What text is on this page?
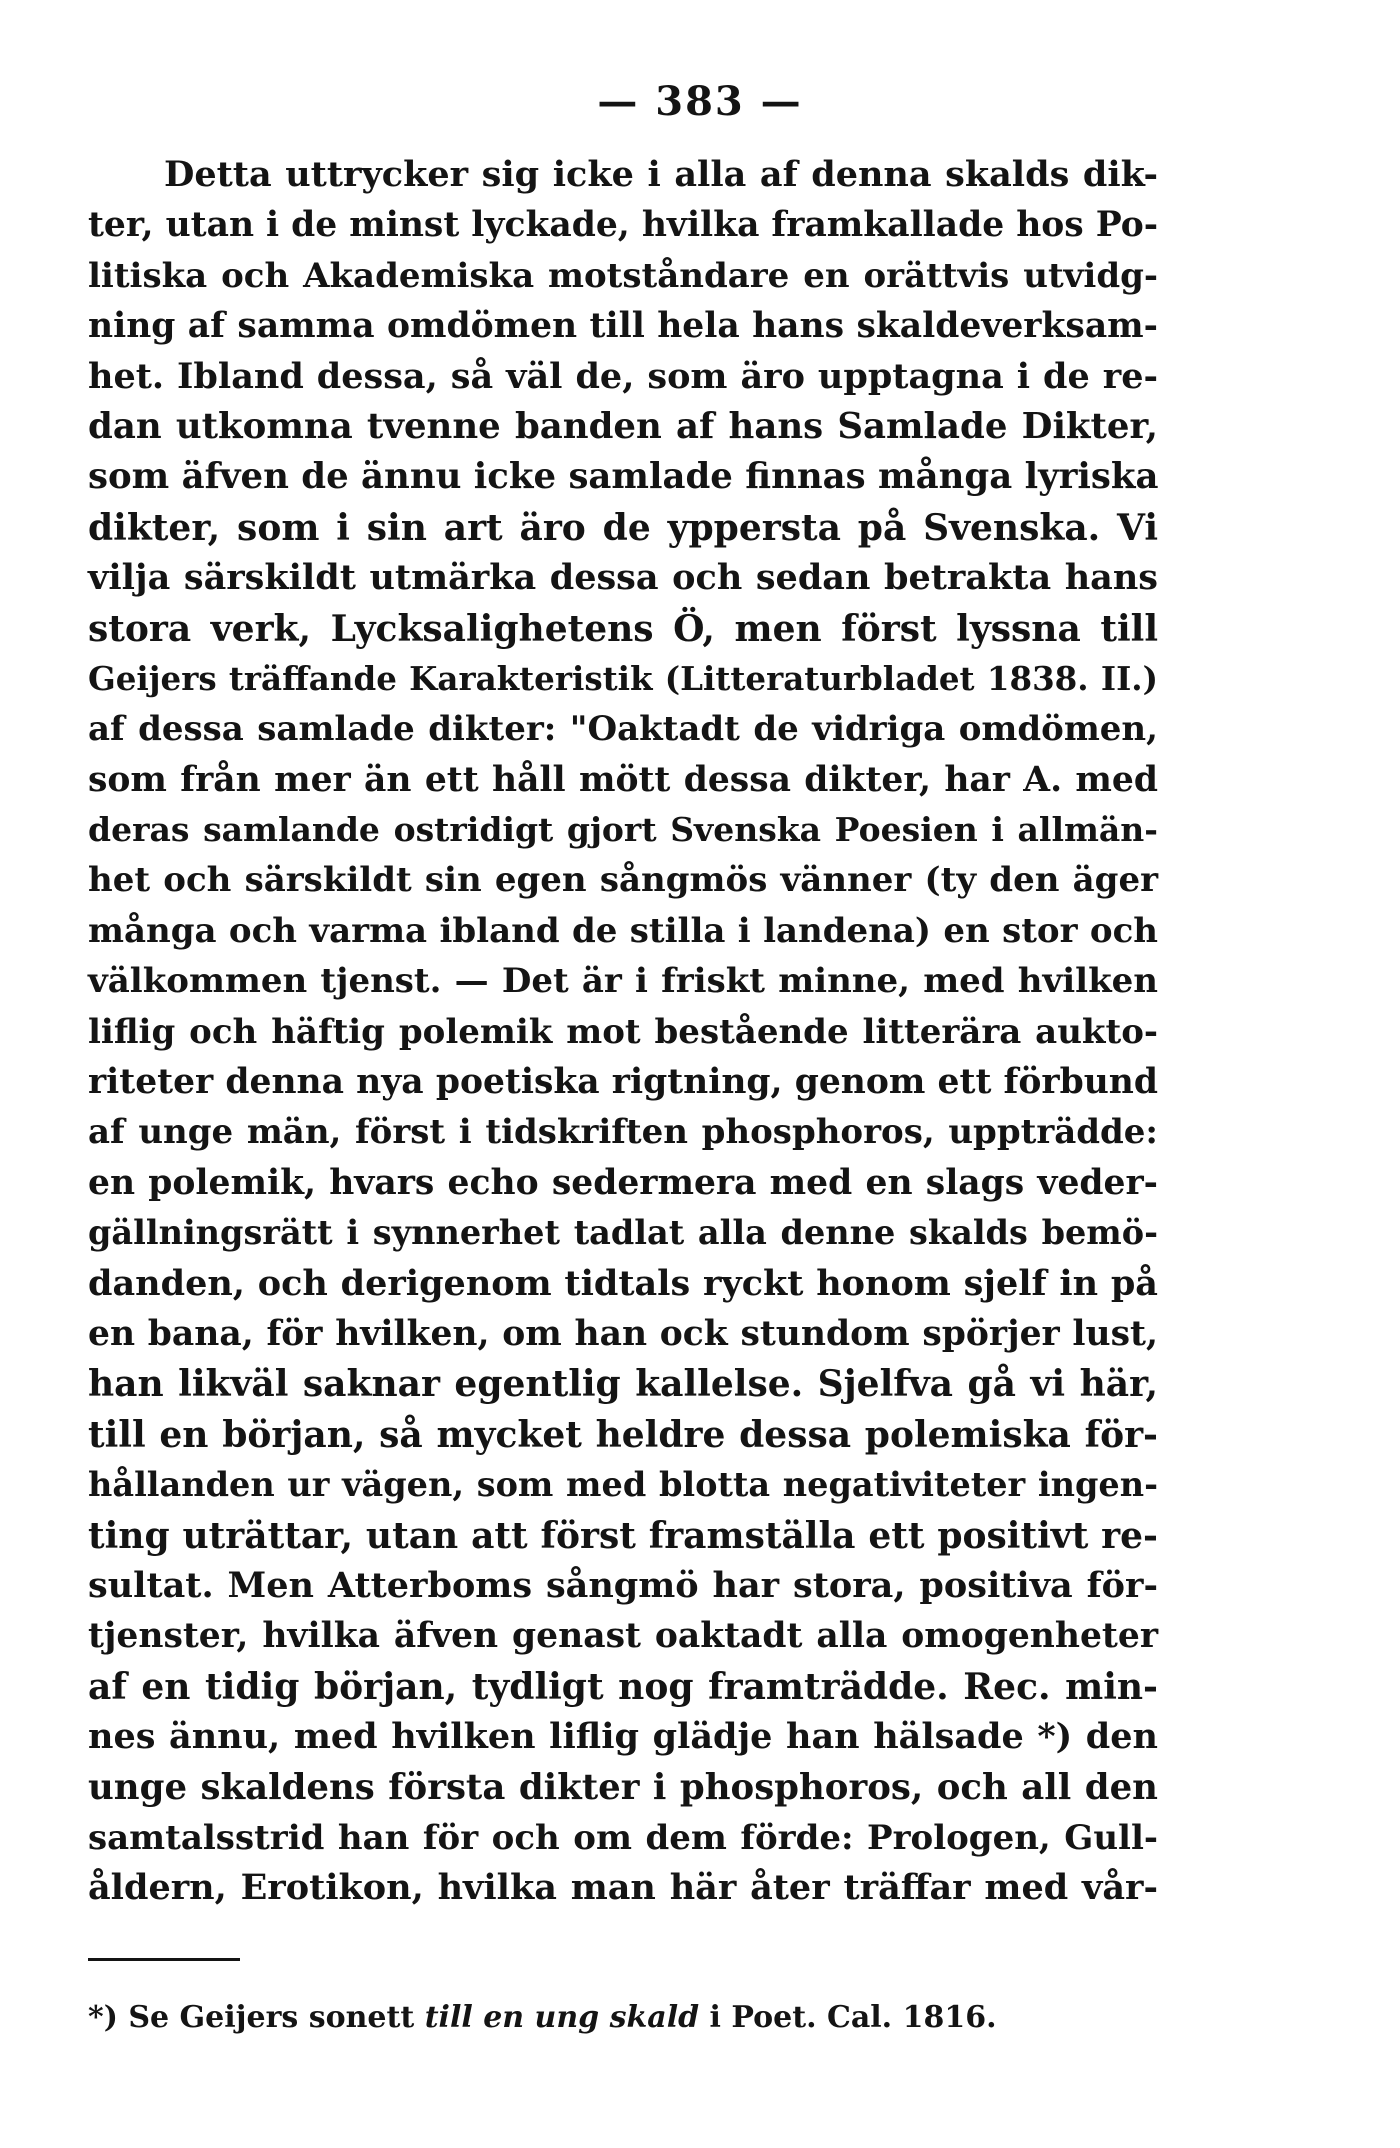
— 383 —
Detta uttrycker sig icke i alla af denna skalds dik-
ter, utan i de minst lyckade, hvilka framkallade hos Po-
litiska och Akademiska motståndare en orättvis utvidg-
ning af samma omdömen till hela hans skaldeverksam-
het. Ibland dessa, så väl de, som äro upptagna i de re-
dan utkomna tvenne banden af hans Samlade Dikter,
som äfven de ännu icke samlade finnas många lyriska
dikter, som i sin art äro de yppersta på Svenska. Vi
vilja särskildt utmärka dessa och sedan betrakta hans
stora verk, Lycksalighetens Ö, men först lyssna till
Geijers träffande Karakteristik (Litteraturbladet 1838. II.)
af dessa samlade dikter: "Oaktadt de vidriga omdömen,
som från mer än ett håll mött dessa dikter, har A. med
deras samlande ostridigt gjort Svenska Poesien i allmän-
het och särskildt sin egen sångmös vänner (ty den äger
många och varma ibland de stilla i landena) en stor och
välkommen tjenst. — Det är i friskt minne, med hvilken
liflig och häftig polemik mot bestående litterära aukto-
riteter denna nya poetiska rigtning, genom ett förbund
af unge män, först i tidskriften phosphoros, uppträdde:
en polemik, hvars echo sedermera med en slags veder-
gällningsrätt i synnerhet tadlat alla denne skalds bemö-
danden, och derigenom tidtals ryckt honom sjelf in på
en bana, för hvilken, om han ock stundom spörjer lust,
han likväl saknar egentlig kallelse. Sjelfva gå vi här,
till en början, så mycket heldre dessa polemiska för-
hållanden ur vägen, som med blotta negativiteter ingen-
ting uträttar, utan att först framställa ett positivt re-
sultat. Men Atterboms sångmö har stora, positiva för-
tjenster, hvilka äfven genast oaktadt alla omogenheter
af en tidig början, tydligt nog framträdde. Rec. min-
nes ännu, med hvilken liflig glädje han hälsade *) den
unge skaldens första dikter i phosphoros, och all den
samtalsstrid han för och om dem förde: Prologen, Gull-
åldern, Erotikon, hvilka man här åter träffar med vår-
*) Se Geijers sonett till en ung skald i Poet. Cal. 1816.
